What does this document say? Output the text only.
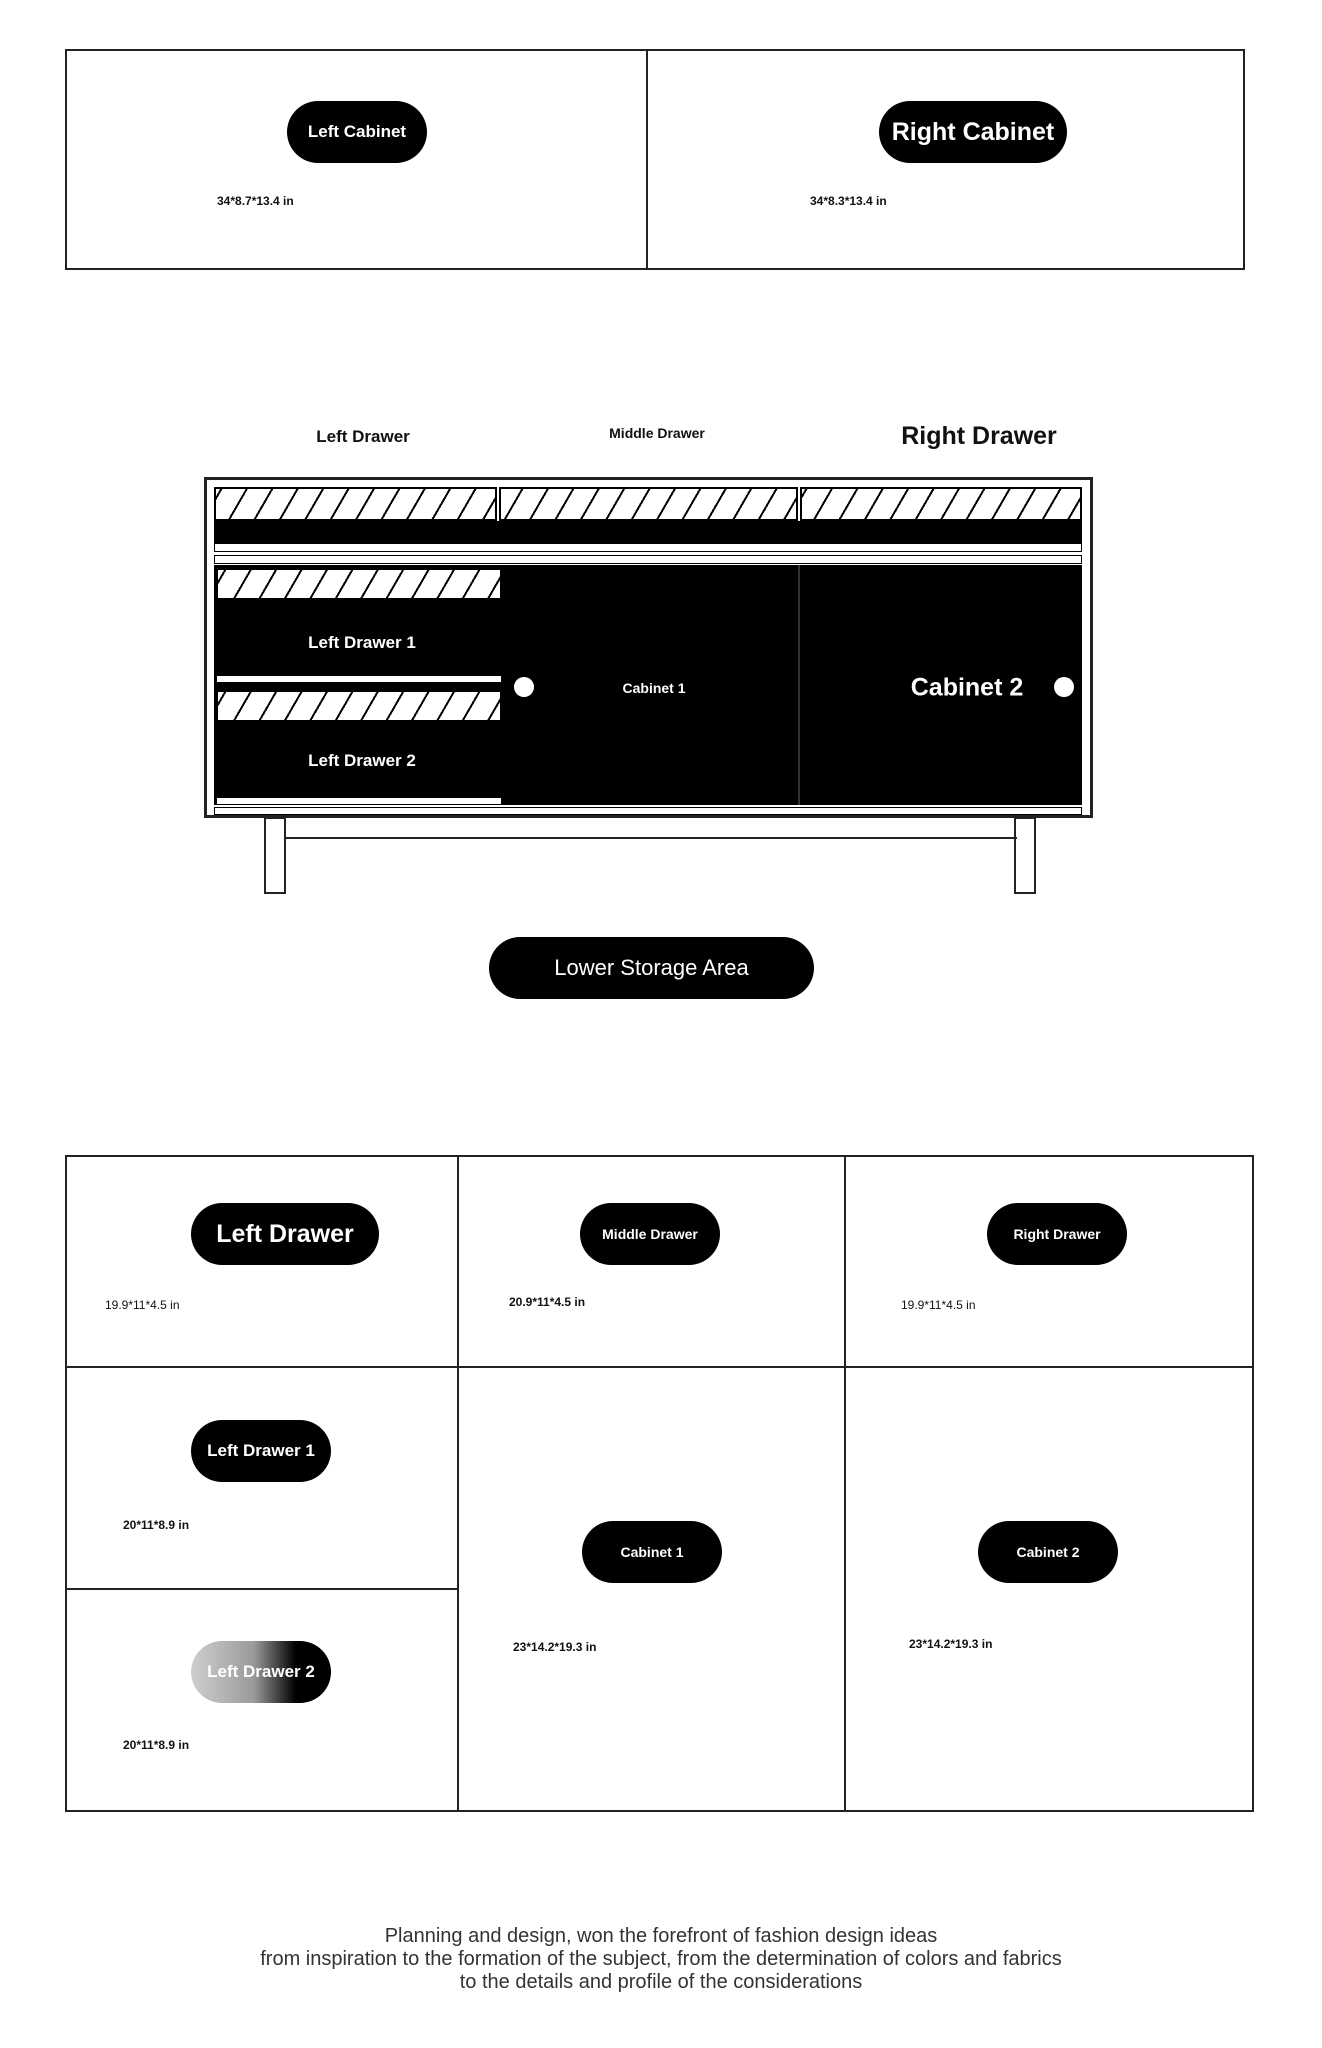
Left Cabinet
34*8.7*13.4 in
Right Cabinet
34*8.3*13.4 in
Left Drawer	Middle Drawer	Right Drawer
Left Drawer 1
Left Drawer 2
Cabinet 1	Cabinet 2
Lower Storage Area
Left Drawer
19.9*11*4.5 in
Middle Drawer
20.9*11*4.5 in
Right Drawer
19.9*11*4.5 in
Left Drawer 1
20*11*8.9 in
Left Drawer 2
20*11*8.9 in
Cabinet 1
23*14.2*19.3 in
Cabinet 2
23*14.2*19.3 in
Planning and design, won the forefront of fashion design ideas
from inspiration to the formation of the subject, from the determination of colors and fabrics
to the details and profile of the considerations
